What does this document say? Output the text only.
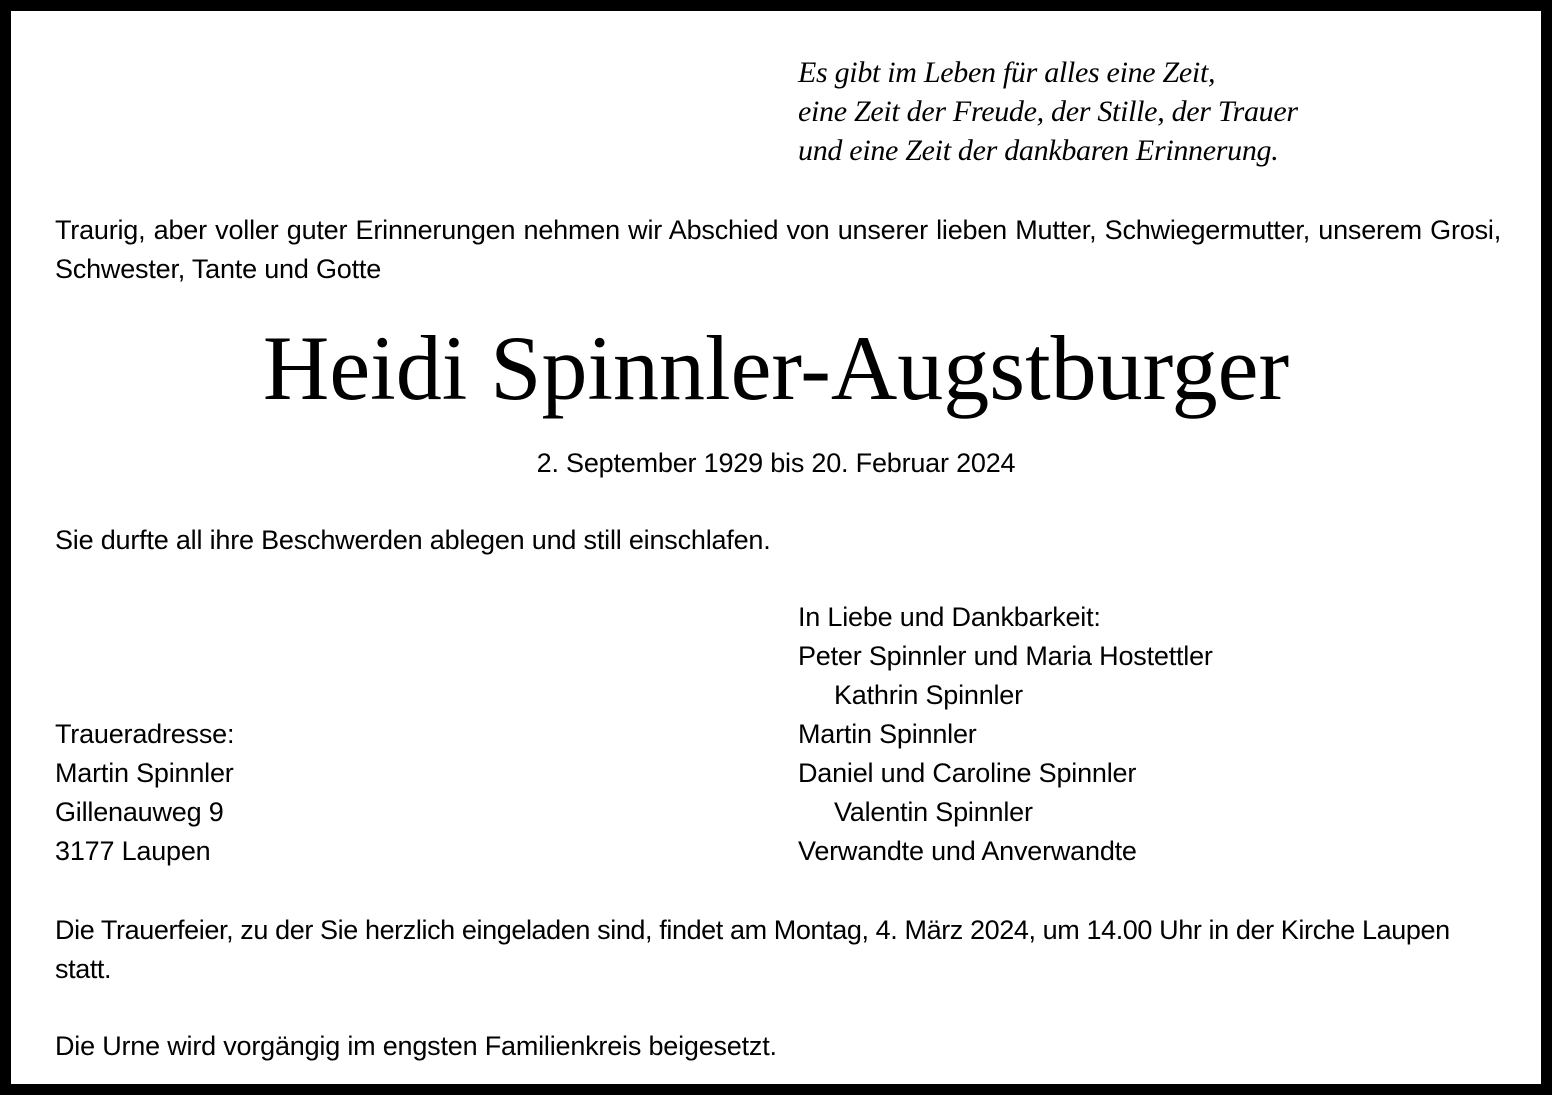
Es gibt im Leben für alles eine Zeit,
eine Zeit der Freude, der Stille, der Trauer
und eine Zeit der dankbaren Erinnerung.
Traurig, aber voller guter Erinnerungen nehmen wir Abschied von unserer lieben Mutter, Schwiegermutter, unserem Grosi, Schwester, Tante und Gotte
Heidi Spinnler-Augstburger
2. September 1929 bis 20. Februar 2024
Sie durfte all ihre Beschwerden ablegen und still einschlafen.
In Liebe und Dankbarkeit:
Peter Spinnler und Maria Hostettler
Kathrin Spinnler
Martin Spinnler
Daniel und Caroline Spinnler
Valentin Spinnler
Verwandte und Anverwandte
Traueradresse:
Martin Spinnler
Gillenauweg 9
3177 Laupen
Die Trauerfeier, zu der Sie herzlich eingeladen sind, findet am Montag, 4. März 2024, um 14.00 Uhr in der Kirche Laupen statt.
Die Urne wird vorgängig im engsten Familienkreis beigesetzt.
